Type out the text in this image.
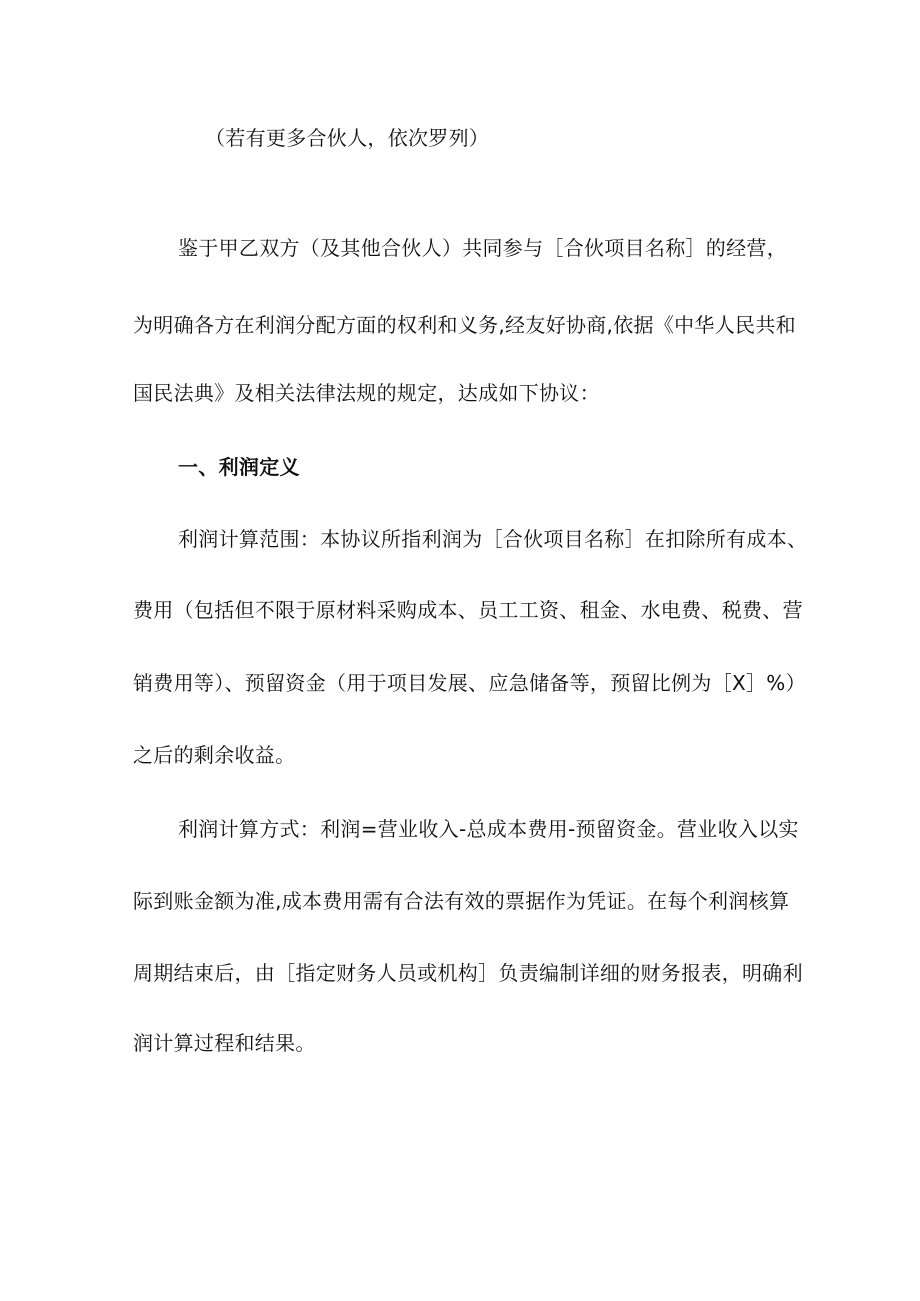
（若有更多合伙人，依次罗列）
鉴于甲乙双方（及其他合伙人）共同参与［合伙项目名称］的经营，
为明确各方在利润分配方面的权利和义务,经友好协商,依据《中华人民共和
国民法典》及相关法律法规的规定，达成如下协议：
一、利润定义
利润计算范围：本协议所指利润为［合伙项目名称］在扣除所有成本、
费用（包括但不限于原材料采购成本、员工工资、租金、水电费、税费、营
销费用等）、预留资金（用于项目发展、应急储备等，预留比例为［X］%）
之后的剩余收益。
利润计算方式：利润=营业收入-总成本费用-预留资金。营业收入以实
际到账金额为准,成本费用需有合法有效的票据作为凭证。在每个利润核算
周期结束后，由［指定财务人员或机构］负责编制详细的财务报表，明确利
润计算过程和结果。
